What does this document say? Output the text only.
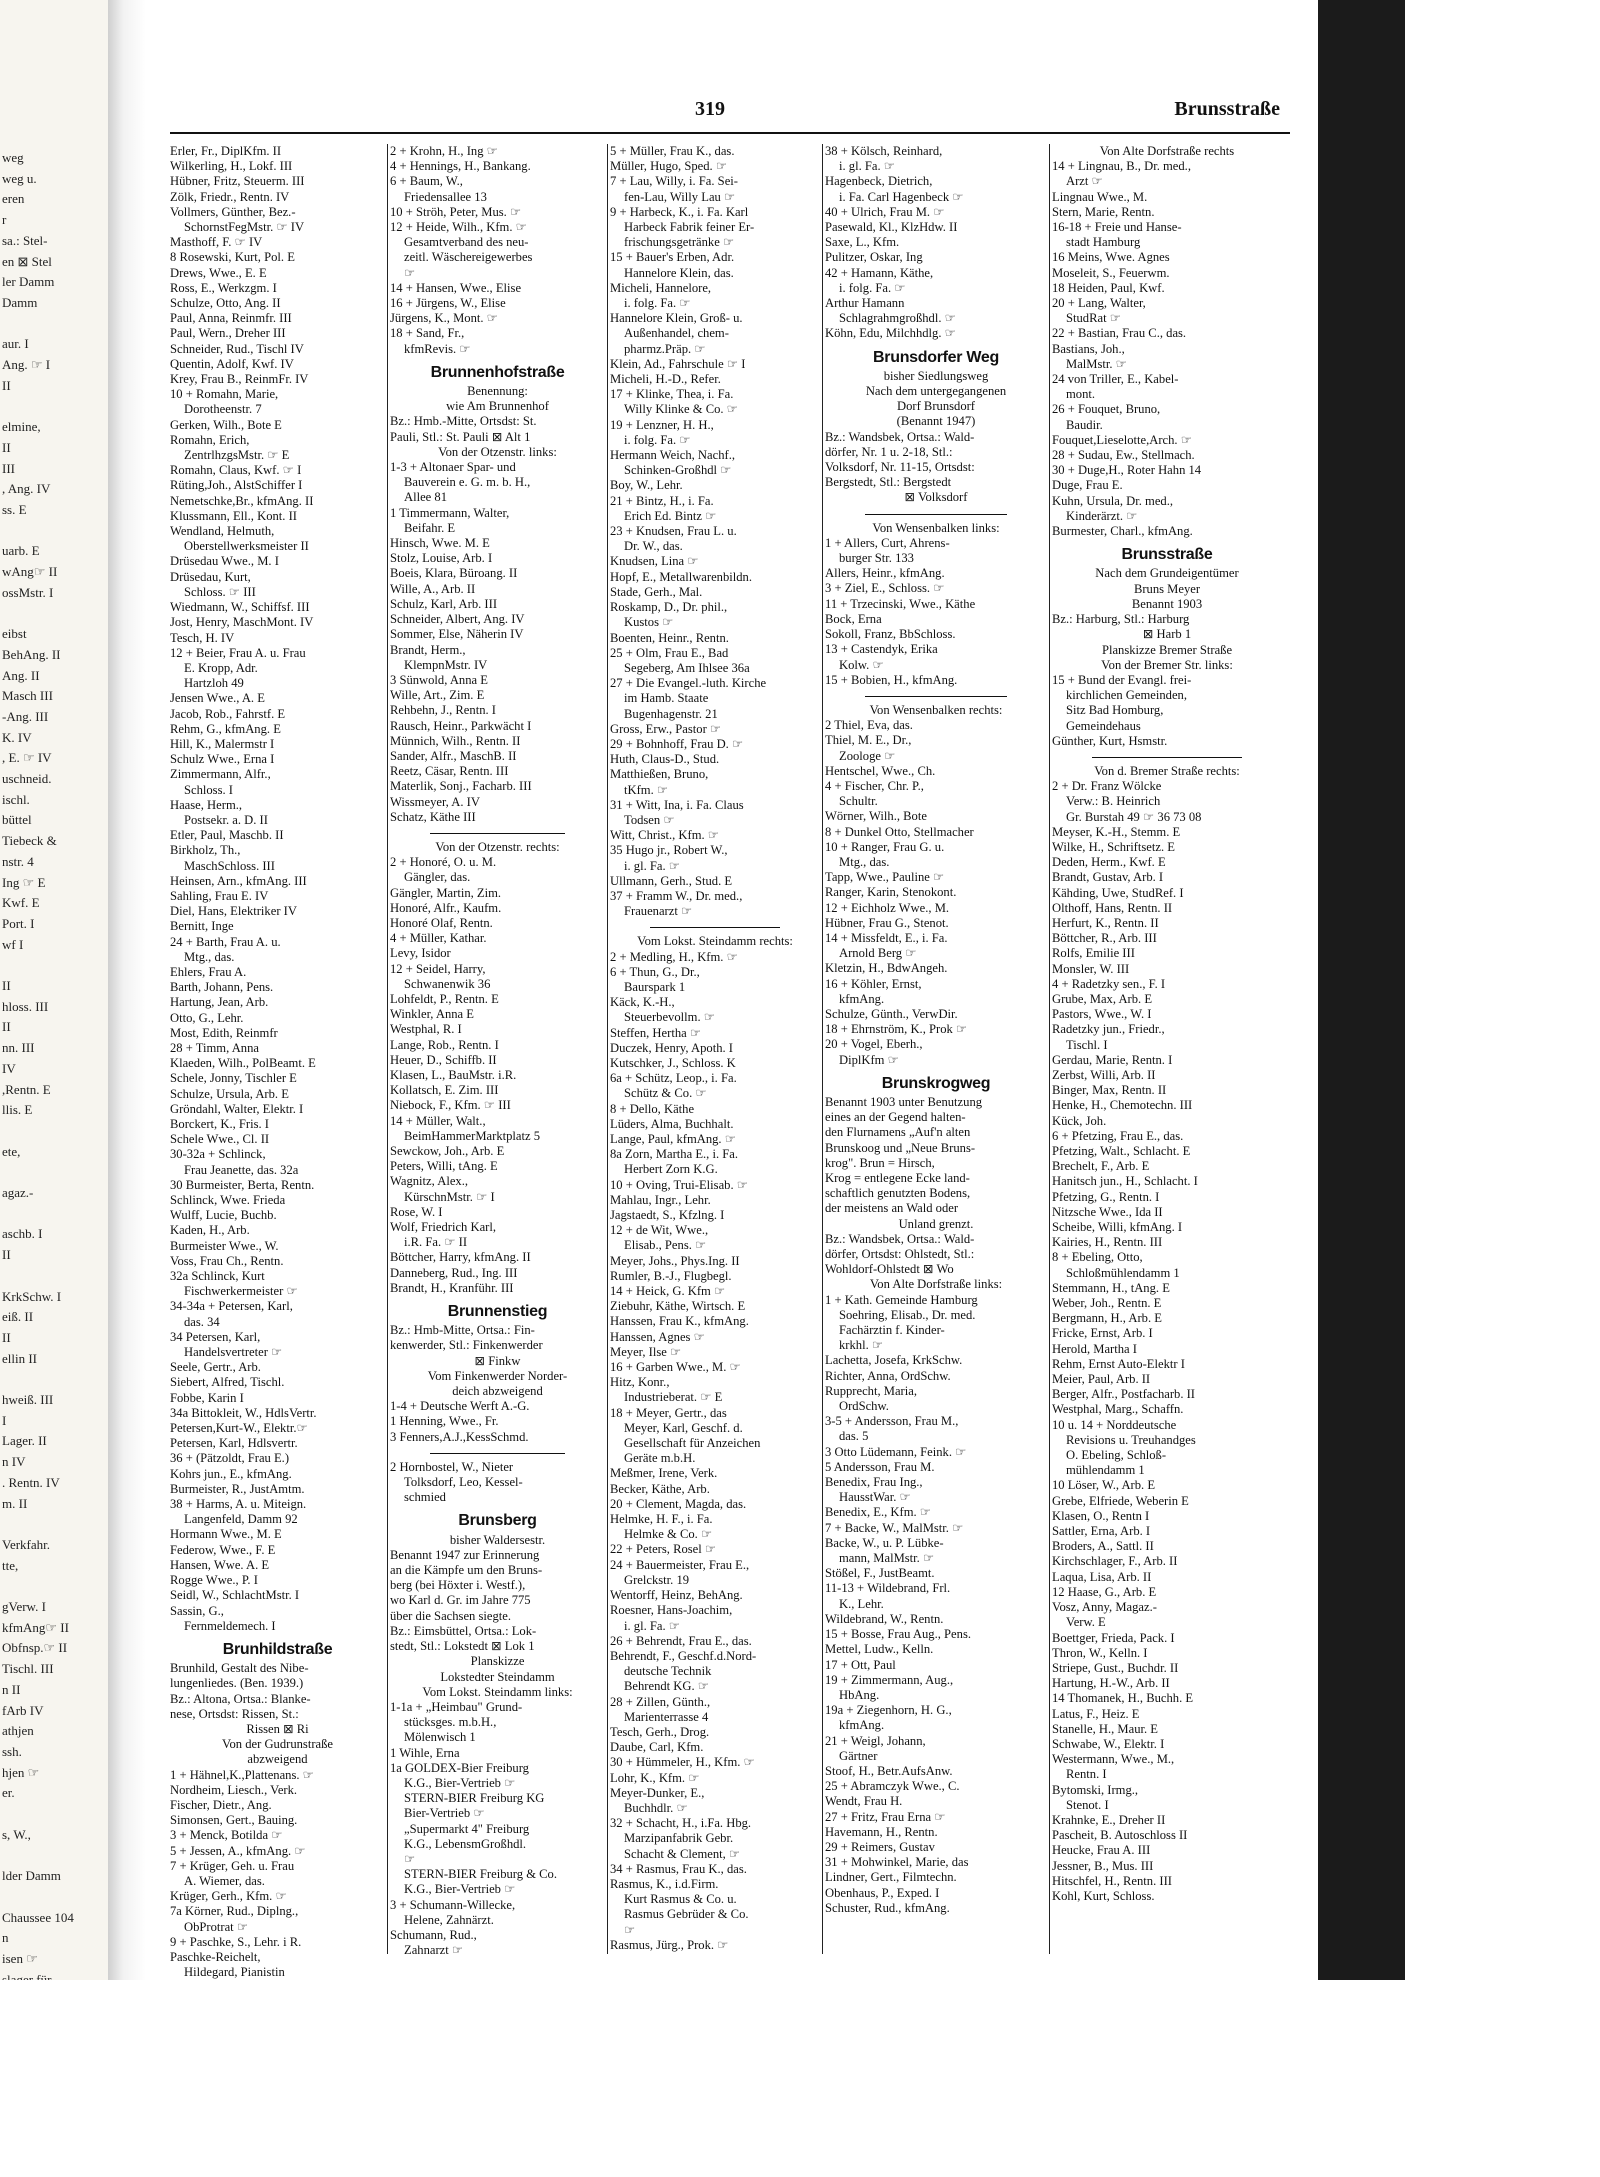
weg
weg u.
eren
r
sa.: Stel-
en ⊠ Stel
ler Damm
Damm
aur. I
Ang. ☞ I
II
elmine,
II
III
, Ang. IV
ss. E
uarb. E
wAng☞ II
ossMstr. I
eibst
BehAng. II
Ang. II
Masch III
-Ang. III
K. IV
, E. ☞ IV
uschneid.
ischl.
büttel
Tiebeck &
nstr. 4
Ing ☞ E
Kwf. E
Port. I
wf I
II
hloss. III
II
nn. III
IV
,Rentn. E
llis. E
ete,
agaz.-
aschb. I
II
KrkSchw. I
eiß. II
II
ellin II
hweiß. III
I
Lager. II
n IV
. Rentn. IV
m. II
Verkfahr.
tte,
gVerw. I
kfmAng☞ II
Obfnsp.☞ II
Tischl. III
n II
fArb IV
athjen
ssh.
hjen ☞
er.
s, W.,
lder Damm
Chaussee 104
n
isen ☞
319	Brunsstraße
Erler, Fr., DiplKfm. II
Wilkerling, H., Lokf. III
Hübner, Fritz, Steuerm. III
Zölk, Friedr., Rentn. IV
Vollmers, Günther, Bez.-
SchornstFegMstr. ☞ IV
Masthoff, F. ☞ IV
8 Rosewski, Kurt, Pol. E
Drews, Wwe., E. E
Ross, E., Werkzgm. I
Schulze, Otto, Ang. II
Paul, Anna, Reinmfr. III
Paul, Wern., Dreher III
Schneider, Rud., Tischl IV
Quentin, Adolf, Kwf. IV
Krey, Frau B., ReinmFr. IV
10 + Romahn, Marie,
Dorotheenstr. 7
Gerken, Wilh., Bote E
Romahn, Erich,
ZentrlhzgsMstr. ☞ E
Romahn, Claus, Kwf. ☞ I
Rüting,Joh., AlstSchiffer I
Nemetschke,Br., kfmAng. II
Klussmann, Ell., Kont. II
Wendland, Helmuth,
Oberstellwerksmeister II
Drüsedau Wwe., M. I
Drüsedau, Kurt,
Schloss. ☞ III
Wiedmann, W., Schiffsf. III
Jost, Henry, MaschMont. IV
Tesch, H. IV
12 + Beier, Frau A. u. Frau
E. Kropp, Adr.
Hartzloh 49
Jensen Wwe., A. E
Jacob, Rob., Fahrstf. E
Rehm, G., kfmAng. E
Hill, K., Malermstr I
Schulz Wwe., Erna I
Zimmermann, Alfr.,
Schloss. I
Haase, Herm.,
Postsekr. a. D. II
Etler, Paul, Maschb. II
Birkholz, Th.,
MaschSchloss. III
Heinsen, Arn., kfmAng. III
Sahling, Frau E. IV
Diel, Hans, Elektriker IV
Bernitt, Inge
24 + Barth, Frau A. u.
Mtg., das.
Ehlers, Frau A.
Barth, Johann, Pens.
Hartung, Jean, Arb.
Otto, G., Lehr.
Most, Edith, Reinmfr
28 + Timm, Anna
Klaeden, Wilh., PolBeamt. E
Schele, Jonny, Tischler E
Schulze, Ursula, Arb. E
Gröndahl, Walter, Elektr. I
Borckert, K., Fris. I
Schele Wwe., Cl. II
30-32a + Schlinck,
Frau Jeanette, das. 32a
30 Burmeister, Berta, Rentn.
Schlinck, Wwe. Frieda
Wulff, Lucie, Buchb.
Kaden, H., Arb.
Burmeister Wwe., W.
Voss, Frau Ch., Rentn.
32a Schlinck, Kurt
Fischwerkermeister ☞
34-34a + Petersen, Karl,
das. 34
34 Petersen, Karl,
Handelsvertreter ☞
Seele, Gertr., Arb.
Siebert, Alfred, Tischl.
Fobbe, Karin I
34a Bittokleit, W., HdlsVertr.
Petersen,Kurt-W., Elektr.☞
Petersen, Karl, Hdlsvertr.
36 + (Pätzoldt, Frau E.)
Kohrs jun., E., kfmAng.
Burmeister, R., JustAmtm.
38 + Harms, A. u. Miteign.
Langenfeld, Damm 92
Hormann Wwe., M. E
Federow, Wwe., F. E
Hansen, Wwe. A. E
Rogge Wwe., P. I
Seidl, W., SchlachtMstr. I
Sassin, G.,
Fernmeldemech. I
Brunhildstraße
Brunhild, Gestalt des Nibe-
lungenliedes. (Ben. 1939.)
Bz.: Altona, Ortsa.: Blanke-
nese, Ortsdst: Rissen, St.:
Rissen ⊠ Ri
Von der Gudrunstraße
abzweigend
1 + Hähnel,K.,Plattenans. ☞
Nordheim, Liesch., Verk.
Fischer, Dietr., Ang.
Simonsen, Gert., Bauing.
3 + Menck, Botilda ☞
5 + Jessen, A., kfmAng. ☞
7 + Krüger, Geh. u. Frau
A. Wiemer, das.
Krüger, Gerh., Kfm. ☞
7a Körner, Rud., Diplng.,
ObProtrat ☞
9 + Paschke, S., Lehr. i R.
Paschke-Reichelt,
Hildegard, Pianistin
2 + Krohn, H., Ing ☞
4 + Hennings, H., Bankang.
6 + Baum, W.,
Friedensallee 13
10 + Ströh, Peter, Mus. ☞
12 + Heide, Wilh., Kfm. ☞
Gesamtverband des neu-
zeitl. Wäschereigewerbes
☞
14 + Hansen, Wwe., Elise
16 + Jürgens, W., Elise
Jürgens, K., Mont. ☞
18 + Sand, Fr.,
kfmRevis. ☞
Brunnenhofstraße
Benennung:
wie Am Brunnenhof
Bz.: Hmb.-Mitte, Ortsdst: St.
Pauli, Stl.: St. Pauli ⊠ Alt 1
Von der Otzenstr. links:
1-3 + Altonaer Spar- und
Bauverein e. G. m. b. H.,
Allee 81
1 Timmermann, Walter,
Beifahr. E
Hinsch, Wwe. M. E
Stolz, Louise, Arb. I
Boeis, Klara, Büroang. II
Wille, A., Arb. II
Schulz, Karl, Arb. III
Schneider, Albert, Ang. IV
Sommer, Else, Näherin IV
Brandt, Herm.,
KlempnMstr. IV
3 Sünwold, Anna E
Wille, Art., Zim. E
Rehbehn, J., Rentn. I
Rausch, Heinr., Parkwächt I
Münnich, Wilh., Rentn. II
Sander, Alfr., MaschB. II
Reetz, Cäsar, Rentn. III
Materlik, Sonj., Facharb. III
Wissmeyer, A. IV
Schatz, Käthe III
Von der Otzenstr. rechts:
2 + Honoré, O. u. M.
Gängler, das.
Gängler, Martin, Zim.
Honoré, Alfr., Kaufm.
Honoré Olaf, Rentn.
4 + Müller, Kathar.
Levy, Isidor
12 + Seidel, Harry,
Schwanenwik 36
Lohfeldt, P., Rentn. E
Winkler, Anna E
Westphal, R. I
Lange, Rob., Rentn. I
Heuer, D., Schiffb. II
Klasen, L., BauMstr. i.R.
Kollatsch, E. Zim. III
Niebock, F., Kfm. ☞ III
14 + Müller, Walt.,
BeimHammerMarktplatz 5
Sewckow, Joh., Arb. E
Peters, Willi, tAng. E
Wagnitz, Alex.,
KürschnMstr. ☞ I
Rose, W. I
Wolf, Friedrich Karl,
i.R. Fa. ☞ II
Böttcher, Harry, kfmAng. II
Danneberg, Rud., Ing. III
Brandt, H., Kranführ. III
Brunnenstieg
Bz.: Hmb-Mitte, Ortsa.: Fin-
kenwerder, Stl.: Finkenwerder
⊠ Finkw
Vom Finkenwerder Norder-
deich abzweigend
1-4 + Deutsche Werft A.-G.
1 Henning, Wwe., Fr.
3 Fenners,A.J.,KessSchmd.
2 Hornbostel, W., Nieter
Tolksdorf, Leo, Kessel-
schmied
Brunsberg
bisher Waldersestr.
Benannt 1947 zur Erinnerung
an die Kämpfe um den Bruns-
berg (bei Höxter i. Westf.),
wo Karl d. Gr. im Jahre 775
über die Sachsen siegte.
Bz.: Eimsbüttel, Ortsa.: Lok-
stedt, Stl.: Lokstedt ⊠ Lok 1
Planskizze
Lokstedter Steindamm
Vom Lokst. Steindamm links:
1-1a + „Heimbau" Grund-
stücksges. m.b.H.,
Mölenwisch 1
1 Wihle, Erna
1a GOLDEX-Bier Freiburg
K.G., Bier-Vertrieb ☞
STERN-BIER Freiburg KG
Bier-Vertrieb ☞
„Supermarkt 4" Freiburg
K.G., LebensmGroßhdl.
☞
STERN-BIER Freiburg & Co.
K.G., Bier-Vertrieb ☞
3 + Schumann-Willecke,
Helene, Zahnärzt.
Schumann, Rud.,
Zahnarzt ☞
5 + Müller, Frau K., das.
Müller, Hugo, Sped. ☞
7 + Lau, Willy, i. Fa. Sei-
fen-Lau, Willy Lau ☞
9 + Harbeck, K., i. Fa. Karl
Harbeck Fabrik feiner Er-
frischungsgetränke ☞
15 + Bauer's Erben, Adr.
Hannelore Klein, das.
Micheli, Hannelore,
i. folg. Fa. ☞
Hannelore Klein, Groß- u.
Außenhandel, chem-
pharmz.Präp. ☞
Klein, Ad., Fahrschule ☞ I
Micheli, H.-D., Refer.
17 + Klinke, Thea, i. Fa.
Willy Klinke & Co. ☞
19 + Lenzner, H. H.,
i. folg. Fa. ☞
Hermann Weich, Nachf.,
Schinken-Großhdl ☞
Boy, W., Lehr.
21 + Bintz, H., i. Fa.
Erich Ed. Bintz ☞
23 + Knudsen, Frau L. u.
Dr. W., das.
Knudsen, Lina ☞
Hopf, E., Metallwarenbildn.
Stade, Gerh., Mal.
Roskamp, D., Dr. phil.,
Kustos ☞
Boenten, Heinr., Rentn.
25 + Olm, Frau E., Bad
Segeberg, Am Ihlsee 36a
27 + Die Evangel.-luth. Kirche
im Hamb. Staate
Bugenhagenstr. 21
Gross, Erw., Pastor ☞
29 + Bohnhoff, Frau D. ☞
Huth, Claus-D., Stud.
Matthießen, Bruno,
tKfm. ☞
31 + Witt, Ina, i. Fa. Claus
Todsen ☞
Witt, Christ., Kfm. ☞
35 Hugo jr., Robert W.,
i. gl. Fa. ☞
Ullmann, Gerh., Stud. E
37 + Framm W., Dr. med.,
Frauenarzt ☞
Vom Lokst. Steindamm rechts:
2 + Medling, H., Kfm. ☞
6 + Thun, G., Dr.,
Baurspark 1
Käck, K.-H.,
Steuerbevollm. ☞
Steffen, Hertha ☞
Duczek, Henry, Apoth. I
Kutschker, J., Schloss. K
6a + Schütz, Leop., i. Fa.
Schütz & Co. ☞
8 + Dello, Käthe
Lüders, Alma, Buchhalt.
Lange, Paul, kfmAng. ☞
8a Zorn, Martha E., i. Fa.
Herbert Zorn K.G.
10 + Oving, Trui-Elisab. ☞
Mahlau, Ingr., Lehr.
Jagstaedt, S., Kfzlng. I
12 + de Wit, Wwe.,
Elisab., Pens. ☞
Meyer, Johs., Phys.Ing. II
Rumler, B.-J., Flugbegl.
14 + Heick, G. Kfm ☞
Ziebuhr, Käthe, Wirtsch. E
Hanssen, Frau K., kfmAng.
Hanssen, Agnes ☞
Meyer, Ilse ☞
16 + Garben Wwe., M. ☞
Hitz, Konr.,
Industrieberat. ☞ E
18 + Meyer, Gertr., das
Meyer, Karl, Geschf. d.
Gesellschaft für Anzeichen
Geräte m.b.H.
Meßmer, Irene, Verk.
Becker, Käthe, Arb.
20 + Clement, Magda, das.
Helmke, H. F., i. Fa.
Helmke & Co. ☞
22 + Peters, Rosel ☞
24 + Bauermeister, Frau E.,
Grelckstr. 19
Wentorff, Heinz, BehAng.
Roesner, Hans-Joachim,
i. gl. Fa. ☞
26 + Behrendt, Frau E., das.
Behrendt, F., Geschf.d.Nord-
deutsche Technik
Behrendt KG. ☞
28 + Zillen, Günth.,
Marienterrasse 4
Tesch, Gerh., Drog.
Daube, Carl, Kfm.
30 + Hümmeler, H., Kfm. ☞
Lohr, K., Kfm. ☞
Meyer-Dunker, E.,
Buchhdlr. ☞
32 + Schacht, H., i.Fa. Hbg.
Marzipanfabrik Gebr.
Schacht & Clement, ☞
34 + Rasmus, Frau K., das.
Rasmus, K., i.d.Firm.
Kurt Rasmus & Co. u.
Rasmus Gebrüder & Co.
☞
Rasmus, Jürg., Prok. ☞
38 + Kölsch, Reinhard,
i. gl. Fa. ☞
Hagenbeck, Dietrich,
i. Fa. Carl Hagenbeck ☞
40 + Ulrich, Frau M. ☞
Pasewald, Kl., KlzHdw. II
Saxe, L., Kfm.
Pulitzer, Oskar, Ing
42 + Hamann, Käthe,
i. folg. Fa. ☞
Arthur Hamann
Schlagrahmgroßhdl. ☞
Köhn, Edu, Milchhdlg. ☞
Brunsdorfer Weg
bisher Siedlungsweg
Nach dem untergegangenen
Dorf Brunsdorf
(Benannt 1947)
Bz.: Wandsbek, Ortsa.: Wald-
dörfer, Nr. 1 u. 2-18, Stl.:
Volksdorf, Nr. 11-15, Ortsdst:
Bergstedt, Stl.: Bergstedt
⊠ Volksdorf
Von Wensenbalken links:
1 + Allers, Curt, Ahrens-
burger Str. 133
Allers, Heinr., kfmAng.
3 + Ziel, E., Schloss. ☞
11 + Trzecinski, Wwe., Käthe
Bock, Erna
Sokoll, Franz, BbSchloss.
13 + Castendyk, Erika
Kolw. ☞
15 + Bobien, H., kfmAng.
Von Wensenbalken rechts:
2 Thiel, Eva, das.
Thiel, M. E., Dr.,
Zoologe ☞
Hentschel, Wwe., Ch.
4 + Fischer, Chr. P.,
Schultr.
Wörner, Wilh., Bote
8 + Dunkel Otto, Stellmacher
10 + Ranger, Frau G. u.
Mtg., das.
Tapp, Wwe., Pauline ☞
Ranger, Karin, Stenokont.
12 + Eichholz Wwe., M.
Hübner, Frau G., Stenot.
14 + Missfeldt, E., i. Fa.
Arnold Berg ☞
Kletzin, H., BdwAngeh.
16 + Köhler, Ernst,
kfmAng.
Schulze, Günth., VerwDir.
18 + Ehrnström, K., Prok ☞
20 + Vogel, Eberh.,
DiplKfm ☞
Brunskrogweg
Benannt 1903 unter Benutzung
eines an der Gegend halten-
den Flurnamens „Auf'n alten
Brunskoog und „Neue Bruns-
krog". Brun = Hirsch,
Krog = entlegene Ecke land-
schaftlich genutzten Bodens,
der meistens an Wald oder
Unland grenzt.
Bz.: Wandsbek, Ortsa.: Wald-
dörfer, Ortsdst: Ohlstedt, Stl.:
Wohldorf-Ohlstedt ⊠ Wo
Von Alte Dorfstraße links:
1 + Kath. Gemeinde Hamburg
Soehring, Elisab., Dr. med.
Fachärztin f. Kinder-
krkhl. ☞
Lachetta, Josefa, KrkSchw.
Richter, Anna, OrdSchw.
Rupprecht, Maria,
OrdSchw.
3-5 + Andersson, Frau M.,
das. 5
3 Otto Lüdemann, Feink. ☞
5 Andersson, Frau M.
Benedix, Frau Ing.,
HausstWar. ☞
Benedix, E., Kfm. ☞
7 + Backe, W., MalMstr. ☞
Backe, W., u. P. Lübke-
mann, MalMstr. ☞
Stößel, F., JustBeamt.
11-13 + Wildebrand, Frl.
K., Lehr.
Wildebrand, W., Rentn.
15 + Bosse, Frau Aug., Pens.
Mettel, Ludw., Kelln.
17 + Ott, Paul
19 + Zimmermann, Aug.,
HbAng.
19a + Ziegenhorn, H. G.,
kfmAng.
21 + Weigl, Johann,
Gärtner
Stoof, H., Betr.AufsAnw.
25 + Abramczyk Wwe., C.
Wendt, Frau H.
27 + Fritz, Frau Erna ☞
Havemann, H., Rentn.
29 + Reimers, Gustav
31 + Mohwinkel, Marie, das
Lindner, Gert., Filmtechn.
Obenhaus, P., Exped. I
Schuster, Rud., kfmAng.
Von Alte Dorfstraße rechts
14 + Lingnau, B., Dr. med.,
Arzt ☞
Lingnau Wwe., M.
Stern, Marie, Rentn.
16-18 + Freie und Hanse-
stadt Hamburg
16 Meins, Wwe. Agnes
Moseleit, S., Feuerwm.
18 Heiden, Paul, Kwf.
20 + Lang, Walter,
StudRat ☞
22 + Bastian, Frau C., das.
Bastians, Joh.,
MalMstr. ☞
24 von Triller, E., Kabel-
mont.
26 + Fouquet, Bruno,
Baudir.
Fouquet,Lieselotte,Arch. ☞
28 + Sudau, Ew., Stellmach.
30 + Duge,H., Roter Hahn 14
Duge, Frau E.
Kuhn, Ursula, Dr. med.,
Kinderärzt. ☞
Burmester, Charl., kfmAng.
Brunsstraße
Nach dem Grundeigentümer
Bruns Meyer
Benannt 1903
Bz.: Harburg, Stl.: Harburg
⊠ Harb 1
Planskizze Bremer Straße
Von der Bremer Str. links:
15 + Bund der Evangl. frei-
kirchlichen Gemeinden,
Sitz Bad Homburg,
Gemeindehaus
Günther, Kurt, Hsmstr.
Von d. Bremer Straße rechts:
2 + Dr. Franz Wölcke
Verw.: B. Heinrich
Gr. Burstah 49 ☞ 36 73 08
Meyser, K.-H., Stemm. E
Wilke, H., Schriftsetz. E
Deden, Herm., Kwf. E
Brandt, Gustav, Arb. I
Kähding, Uwe, StudRef. I
Olthoff, Hans, Rentn. II
Herfurt, K., Rentn. II
Böttcher, R., Arb. III
Rolfs, Emilie III
Monsler, W. III
4 + Radetzky sen., F. I
Grube, Max, Arb. E
Pastors, Wwe., W. I
Radetzky jun., Friedr.,
Tischl. I
Gerdau, Marie, Rentn. I
Zerbst, Willi, Arb. II
Binger, Max, Rentn. II
Henke, H., Chemotechn. III
Kück, Joh.
6 + Pfetzing, Frau E., das.
Pfetzing, Walt., Schlacht. E
Brechelt, F., Arb. E
Hanitsch jun., H., Schlacht. I
Pfetzing, G., Rentn. I
Nitzsche Wwe., Ida II
Scheibe, Willi, kfmAng. I
Kairies, H., Rentn. III
8 + Ebeling, Otto,
Schloßmühlendamm 1
Stemmann, H., tAng. E
Weber, Joh., Rentn. E
Bergmann, H., Arb. E
Fricke, Ernst, Arb. I
Herold, Martha I
Rehm, Ernst Auto-Elektr I
Meier, Paul, Arb. II
Berger, Alfr., Postfacharb. II
Westphal, Marg., Schaffn.
10 u. 14 + Norddeutsche
Revisions u. Treuhandges
O. Ebeling, Schloß-
mühlendamm 1
10 Löser, W., Arb. E
Grebe, Elfriede, Weberin E
Klasen, O., Rentn I
Sattler, Erna, Arb. I
Broders, A., Sattl. II
Kirchschlager, F., Arb. II
Laqua, Lisa, Arb. II
12 Haase, G., Arb. E
Vosz, Anny, Magaz.-
Verw. E
Boettger, Frieda, Pack. I
Thron, W., Kelln. I
Striepe, Gust., Buchdr. II
Hartung, H.-W., Arb. II
14 Thomanek, H., Buchh. E
Latus, F., Heiz. E
Stanelle, H., Maur. E
Schwabe, W., Elektr. I
Westermann, Wwe., M.,
Rentn. I
Bytomski, Irmg.,
Stenot. I
Krahnke, E., Dreher II
Pascheit, B. Autoschloss II
Heucke, Frau A. III
Jessner, B., Mus. III
Hitschfel, H., Rentn. III
Kohl, Kurt, Schloss.
